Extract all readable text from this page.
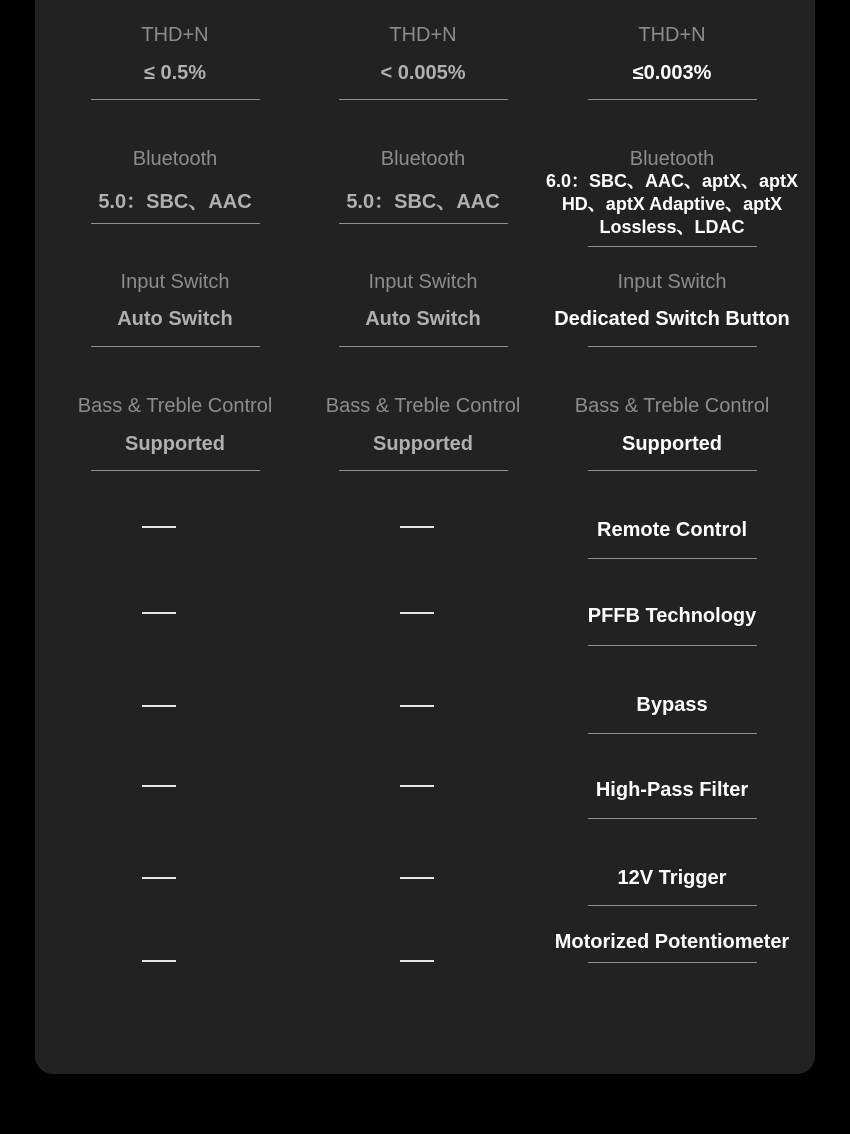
THD+N
≤ 0.5%
THD+N
< 0.005%
THD+N
≤0.003%
Bluetooth
5.0：SBC、AAC
Bluetooth
5.0：SBC、AAC
Bluetooth
6.0：SBC、AAC、aptX、aptX HD、aptX Adaptive、aptX Lossless、LDAC
Input Switch
Auto Switch
Input Switch
Auto Switch
Input Switch
Dedicated Switch Button
Bass & Treble Control
Supported
Bass & Treble Control
Supported
Bass & Treble Control
Supported
Remote Control
PFFB Technology
Bypass
High-Pass Filter
12V Trigger
Motorized Potentiometer
